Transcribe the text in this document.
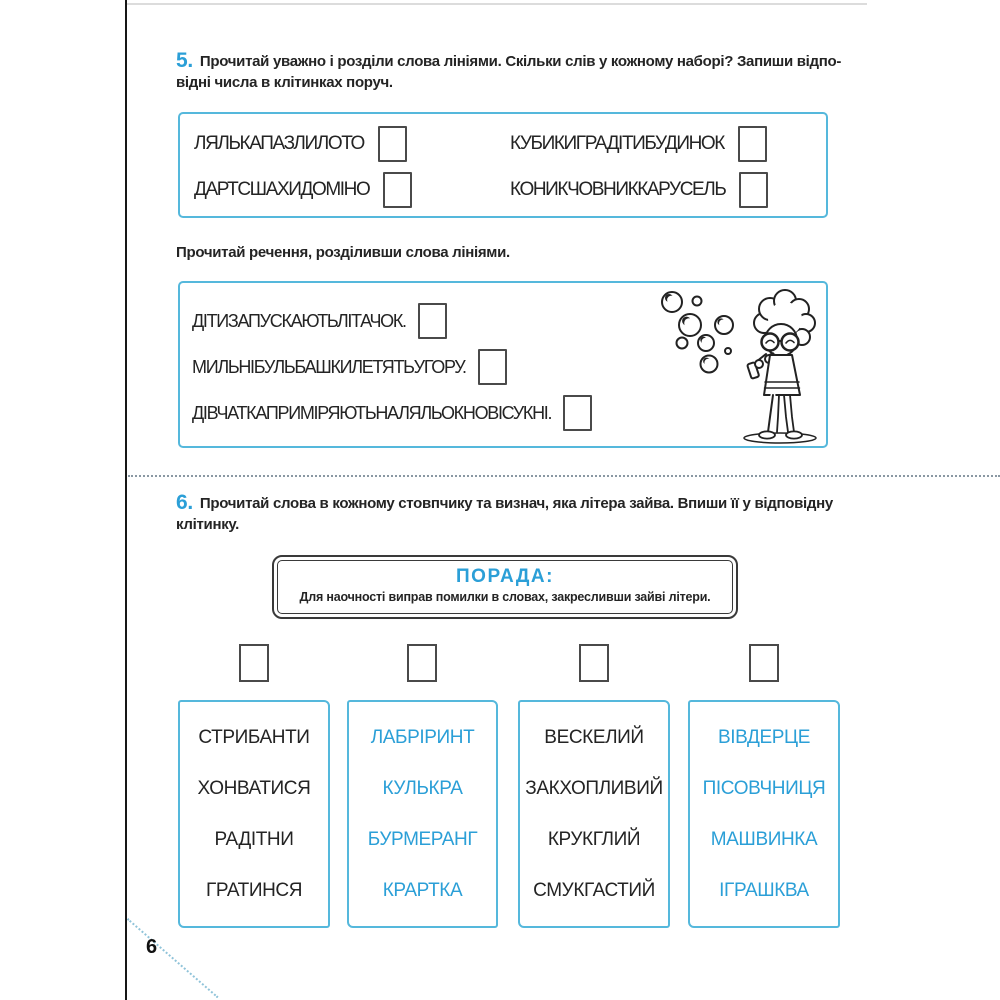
5. Прочитай уважно і розділи слова лініями. Скільки слів у кожному наборі? Запиши відпо-
відні числа в клітинках поруч.

ЛЯЛЬКАПАЗЛИЛОТО	КУБИКИГРАДІТИБУДИНОК
ДАРТСШАХИДОМІНО	КОНИКЧОВНИККАРУСЕЛЬ

Прочитай речення, розділивши слова лініями.

ДІТИЗАПУСКАЮТЬЛІТАЧОК.
МИЛЬНІБУЛЬБАШКИЛЕТЯТЬУГОРУ.
ДІВЧАТКАПРИМІРЯЮТЬНАЛЯЛЬОКНОВІСУКНІ.

6. Прочитай слова в кожному стовпчику та визнач, яка літера зайва. Впиши її у відповідну
клітинку.

ПОРАДА:
Для наочності виправ помилки в словах, закресливши зайві літери.
СТРИБАНТИ
ХОНВАТИСЯ
РАДІТНИ
ГРАТИНСЯ
ЛАБРІРИНТ
КУЛЬКРА
БУРМЕРАНГ
КРАРТКА
ВЕСКЕЛИЙ
ЗАКХОПЛИВИЙ
КРУКГЛИЙ
СМУКГАСТИЙ
ВІВДЕРЦЕ
ПІСОВЧНИЦЯ
МАШВИНКА
ІГРАШКВА
6
